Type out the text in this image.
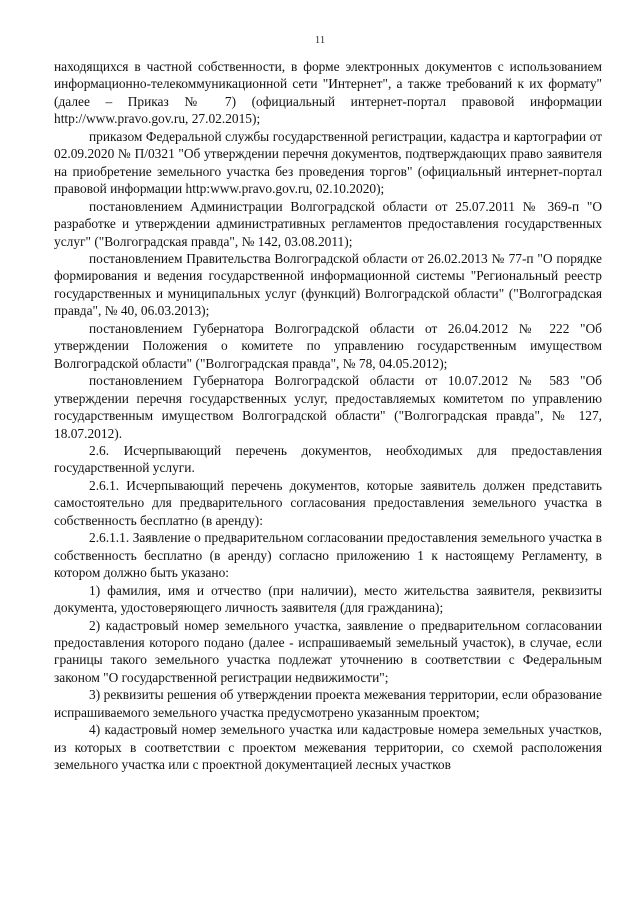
11

находящихся в частной собственности, в форме электронных документов с использованием информационно-телекоммуникационной сети "Интернет", а также требований к их формату" (далее – Приказ № 7) (официальный интернет-портал правовой информации http://www.pravo.gov.ru, 27.02.2015);

приказом Федеральной службы государственной регистрации, кадастра и картографии от 02.09.2020 № П/0321 "Об утверждении перечня документов, подтверждающих право заявителя на приобретение земельного участка без проведения торгов" (официальный интернет-портал правовой информации http:www.pravo.gov.ru, 02.10.2020);

постановлением Администрации Волгоградской области от 25.07.2011 № 369-п "О разработке и утверждении административных регламентов предоставления государственных услуг" ("Волгоградская правда", № 142, 03.08.2011);

постановлением Правительства Волгоградской области от 26.02.2013 № 77-п "О порядке формирования и ведения государственной информационной системы "Региональный реестр государственных и муниципальных услуг (функций) Волгоградской области" ("Волгоградская правда", № 40, 06.03.2013);

постановлением Губернатора Волгоградской области от 26.04.2012 № 222 "Об утверждении Положения о комитете по управлению государственным имуществом Волгоградской области" ("Волгоградская правда", № 78, 04.05.2012);

постановлением Губернатора Волгоградской области от 10.07.2012 № 583 "Об утверждении перечня государственных услуг, предоставляемых комитетом по управлению государственным имуществом Волгоградской области" ("Волгоградская правда", № 127, 18.07.2012).

2.6. Исчерпывающий перечень документов, необходимых для предоставления государственной услуги.

2.6.1. Исчерпывающий перечень документов, которые заявитель должен представить самостоятельно для предварительного согласования предоставления земельного участка в собственность бесплатно (в аренду):

2.6.1.1. Заявление о предварительном согласовании предоставления земельного участка в собственность бесплатно (в аренду) согласно приложению 1 к настоящему Регламенту, в котором должно быть указано:

1) фамилия, имя и отчество (при наличии), место жительства заявителя, реквизиты документа, удостоверяющего личность заявителя (для гражданина);

2) кадастровый номер земельного участка, заявление о предварительном согласовании предоставления которого подано (далее - испрашиваемый земельный участок), в случае, если границы такого земельного участка подлежат уточнению в соответствии с Федеральным законом "О государственной регистрации недвижимости";

3) реквизиты решения об утверждении проекта межевания территории, если образование испрашиваемого земельного участка предусмотрено указанным проектом;

4) кадастровый номер земельного участка или кадастровые номера земельных участков, из которых в соответствии с проектом межевания территории, со схемой расположения земельного участка или с проектной документацией лесных участков
